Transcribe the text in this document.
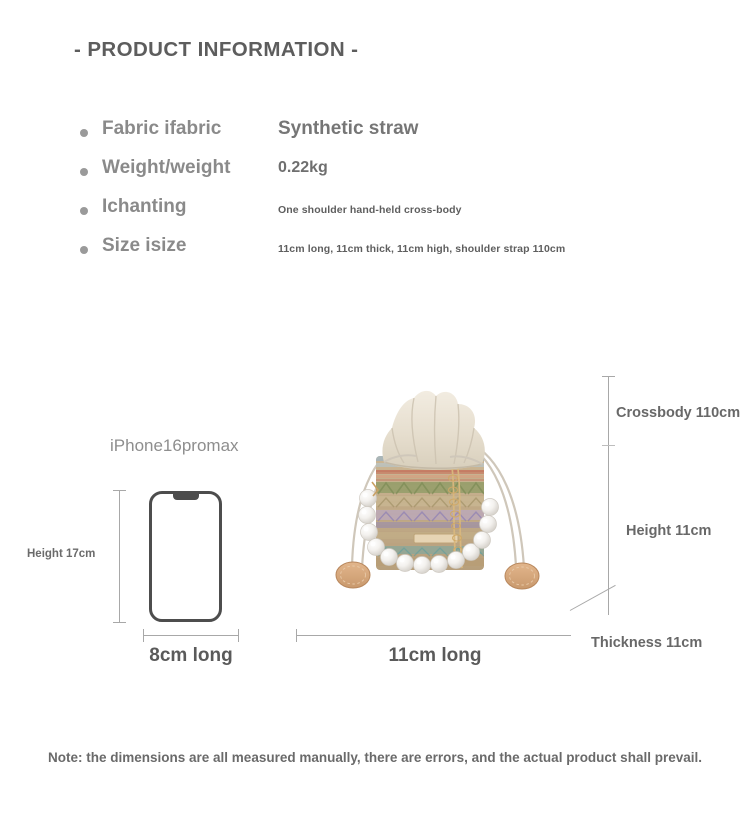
- PRODUCT INFORMATION -
Fabric ifabric	Synthetic straw
Weight/weight	0.22kg
Ichanting	One shoulder hand-held cross-body
Size isize	11cm long, 11cm thick, 11cm high, shoulder strap 110cm
iPhone16promax
Height 17cm
8cm long	11cm long
Crossbody 110cm
Height 11cm
Thickness 11cm
Note: the dimensions are all measured manually, there are errors, and the actual product shall prevail.
